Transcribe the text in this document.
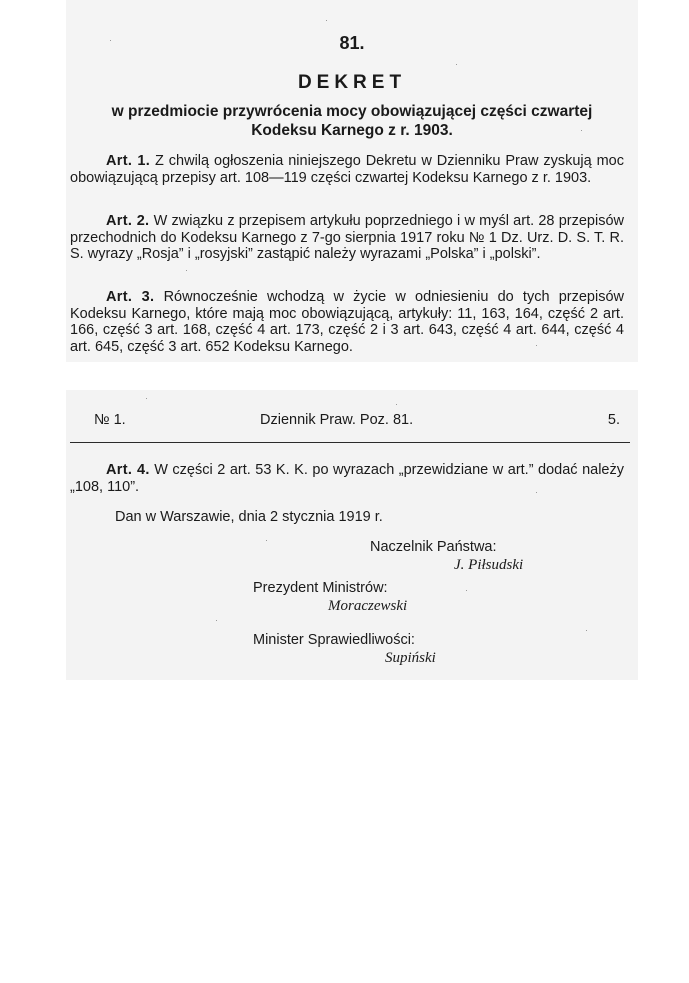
81.
DEKRET
w przedmiocie przywrócenia mocy obowiązującej części czwartej
Kodeksu Karnego z r. 1903.

Art. 1. Z chwilą ogłoszenia niniejszego Dekretu w Dzienniku Praw zyskują moc obowiązującą przepisy art. 108—119 części czwartej Kodeksu Karnego z r. 1903.

Art. 2. W związku z przepisem artykułu poprzedniego i w myśl art. 28 przepisów przechodnich do Kodeksu Karnego z 7-go sierpnia 1917 roku № 1 Dz. Urz. D. S. T. R. S. wyrazy „Rosja” i „rosyjski” zastąpić należy wyrazami „Polska” i „polski”.

Art. 3. Równocześnie wchodzą w życie w odniesieniu do tych przepisów Kodeksu Karnego, które mają moc obowiązującą, artykuły: 11, 163, 164, część 2 art. 166, część 3 art. 168, część 4 art. 173, część 2 i 3 art. 643, część 4 art. 644, część 4 art. 645, część 3 art. 652 Kodeksu Karnego.

№ 1.	Dziennik Praw. Poz. 81.	5.

Art. 4. W części 2 art. 53 K. K. po wyrazach „przewidziane w art.” dodać należy „108, 110”.

Dan w Warszawie, dnia 2 stycznia 1919 r.
Naczelnik Państwa:
J. Piłsudski
Prezydent Ministrów:
Moraczewski
Minister Sprawiedliwości:
Supiński
